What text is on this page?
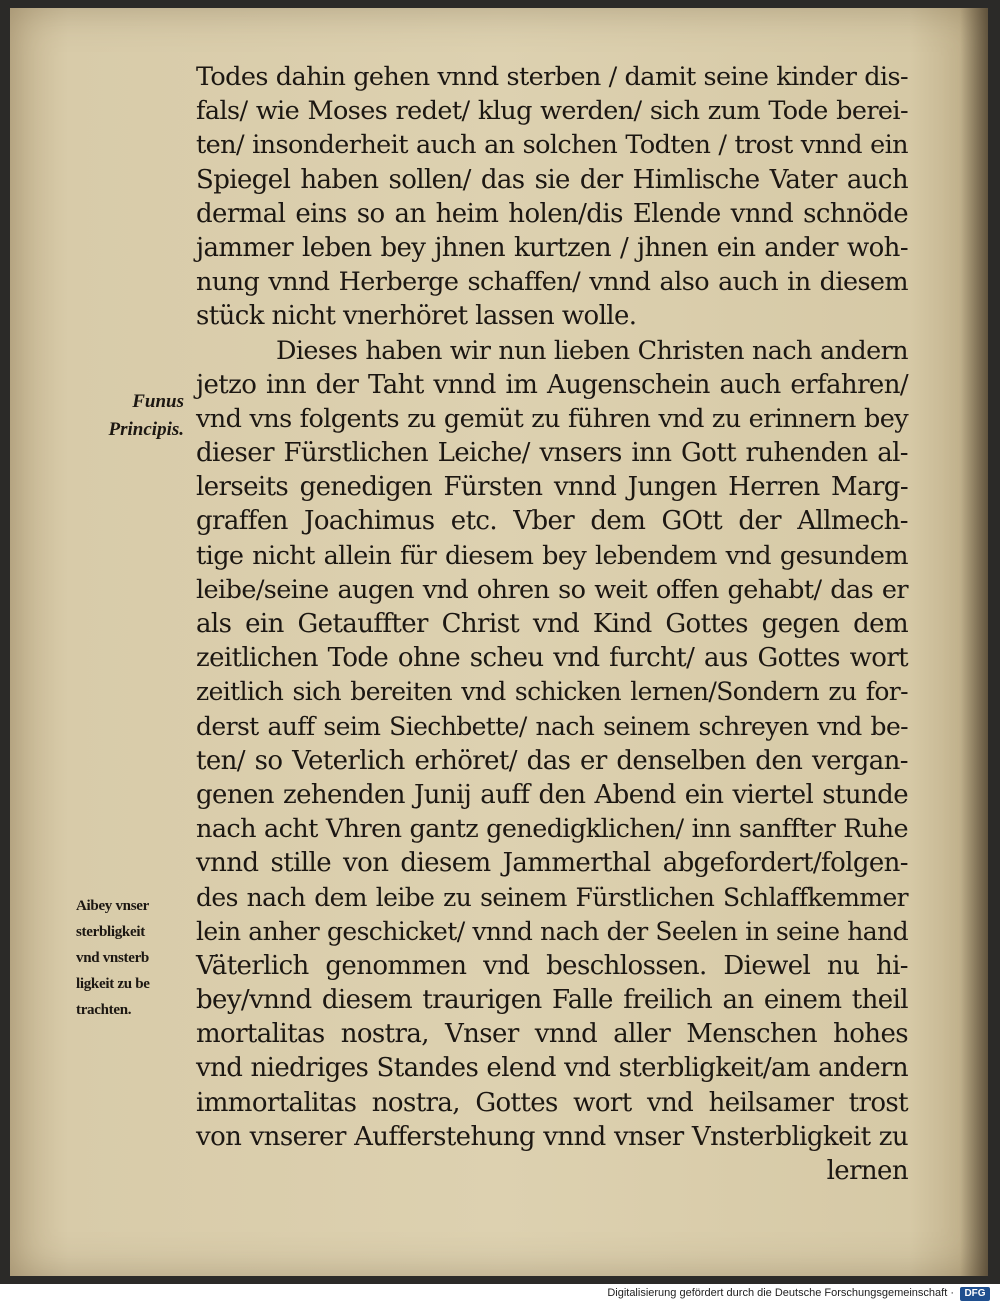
Todes dahin gehen vnnd sterben / damit seine kinder dis-
fals/ wie Moses redet/ klug werden/ sich zum Tode berei-
ten/ insonderheit auch an solchen Todten / trost vnnd ein
Spiegel haben sollen/ das sie der Himlische Vater auch
dermal eins so an heim holen/dis Elende vnnd schnöde
jammer leben bey jhnen kurtzen / jhnen ein ander woh-
nung vnnd Herberge schaffen/ vnnd also auch in diesem
stück nicht vnerhöret lassen wolle.
Dieses haben wir nun lieben Christen nach andern
jetzo inn der Taht vnnd im Augenschein auch erfahren/
vnd vns folgents zu gemüt zu führen vnd zu erinnern bey
dieser Fürstlichen Leiche/ vnsers inn Gott ruhenden al-
lerseits genedigen Fürsten vnnd Jungen Herren Marg-
graffen Joachimus etc. Vber dem GOtt der Allmech-
tige nicht allein für diesem bey lebendem vnd gesundem
leibe/seine augen vnd ohren so weit offen gehabt/ das er
als ein Getauffter Christ vnd Kind Gottes gegen dem
zeitlichen Tode ohne scheu vnd furcht/ aus Gottes wort
zeitlich sich bereiten vnd schicken lernen/Sondern zu for-
derst auff seim Siechbette/ nach seinem schreyen vnd be-
ten/ so Veterlich erhöret/ das er denselben den vergan-
genen zehenden Junij auff den Abend ein viertel stunde
nach acht Vhren gantz genedigklichen/ inn sanffter Ruhe
vnnd stille von diesem Jammerthal abgefordert/folgen-
des nach dem leibe zu seinem Fürstlichen Schlaffkemmer
lein anher geschicket/ vnnd nach der Seelen in seine hand
Väterlich genommen vnd beschlossen. Diewel nu hi-
bey/vnnd diesem traurigen Falle freilich an einem theil
mortalitas nostra, Vnser vnnd aller Menschen hohes
vnd niedriges Standes elend vnd sterbligkeit/am andern
immortalitas nostra, Gottes wort vnd heilsamer trost
von vnserer Aufferstehung vnnd vnser Vnsterbligkeit zu
lernen
Funus
Principis.
Aibey vnser
sterbligkeit
vnd vnsterb
ligkeit zu be
trachten.
Digitalisierung gefördert durch die Deutsche Forschungsgemeinschaft ·	DFG
